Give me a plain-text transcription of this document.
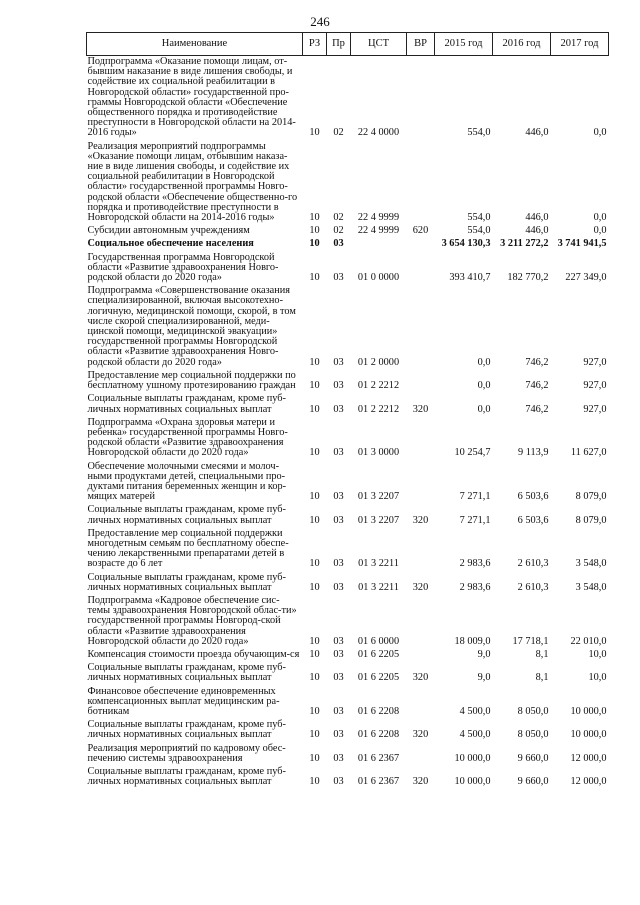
246
Наименование	РЗ	Пр	ЦСТ	ВР	2015 год	2016 год	2017 год
Подпрограмма «Оказание помощи лицам, от-бывшим наказание в виде лишения свободы, и содействие их социальной реабилитации в Новгородской области» государственной про-граммы Новгородской области «Обеспечение общественного порядка и противодействие преступности в Новгородской области на 2014-2016 годы»	10	02	22 4 0000		554,0	446,0	0,0
Реализация мероприятий подпрограммы «Оказание помощи лицам, отбывшим наказа-ние в виде лишения свободы, и содействие их социальной реабилитации в Новгородской области» государственной программы Новго-родской области «Обеспечение общественно-го порядка и противодействие преступности в Новгородской области на 2014-2016 годы»	10	02	22 4 9999		554,0	446,0	0,0
Субсидии автономным учреждениям	10	02	22 4 9999	620	554,0	446,0	0,0
Социальное обеспечение населения	10	03			3 654 130,3	3 211 272,2	3 741 941,5
Государственная программа Новгородской области «Развитие здравоохранения Новго-родской области до 2020 года»	10	03	01 0 0000		393 410,7	182 770,2	227 349,0
Подпрограмма «Совершенствование оказания специализированной, включая высокотехно-логичную, медицинской помощи, скорой, в том числе скорой специализированной, меди-цинской помощи, медицинской эвакуации» государственной программы Новгородской области «Развитие здравоохранения Новго-родской области до 2020 года»	10	03	01 2 0000		0,0	746,2	927,0
Предоставление мер социальной поддержки по бесплатному ушному протезированию граждан	10	03	01 2 2212		0,0	746,2	927,0
Социальные выплаты гражданам, кроме пуб-личных нормативных социальных выплат	10	03	01 2 2212	320	0,0	746,2	927,0
Подпрограмма «Охрана здоровья матери и ребенка» государственной программы Новго-родской области «Развитие здравоохранения Новгородской области до 2020 года»	10	03	01 3 0000		10 254,7	9 113,9	11 627,0
Обеспечение молочными смесями и молоч-ными продуктами детей, специальными про-дуктами питания беременных женщин и кор-мящих матерей	10	03	01 3 2207		7 271,1	6 503,6	8 079,0
Социальные выплаты гражданам, кроме пуб-личных нормативных социальных выплат	10	03	01 3 2207	320	7 271,1	6 503,6	8 079,0
Предоставление мер социальной поддержки многодетным семьям по бесплатному обеспе-чению лекарственными препаратами детей в возрасте до 6 лет	10	03	01 3 2211		2 983,6	2 610,3	3 548,0
Социальные выплаты гражданам, кроме пуб-личных нормативных социальных выплат	10	03	01 3 2211	320	2 983,6	2 610,3	3 548,0
Подпрограмма «Кадровое обеспечение сис-темы здравоохранения Новгородской облас-ти» государственной программы Новгород-ской области «Развитие здравоохранения Новгородской области до 2020 года»	10	03	01 6 0000		18 009,0	17 718,1	22 010,0
Компенсация стоимости проезда обучающим-ся	10	03	01 6 2205		9,0	8,1	10,0
Социальные выплаты гражданам, кроме пуб-личных нормативных социальных выплат	10	03	01 6 2205	320	9,0	8,1	10,0
Финансовое обеспечение единовременных компенсационных выплат медицинским ра-ботникам	10	03	01 6 2208		4 500,0	8 050,0	10 000,0
Социальные выплаты гражданам, кроме пуб-личных нормативных социальных выплат	10	03	01 6 2208	320	4 500,0	8 050,0	10 000,0
Реализация мероприятий по кадровому обес-печению системы здравоохранения	10	03	01 6 2367		10 000,0	9 660,0	12 000,0
Социальные выплаты гражданам, кроме пуб-личных нормативных социальных выплат	10	03	01 6 2367	320	10 000,0	9 660,0	12 000,0
